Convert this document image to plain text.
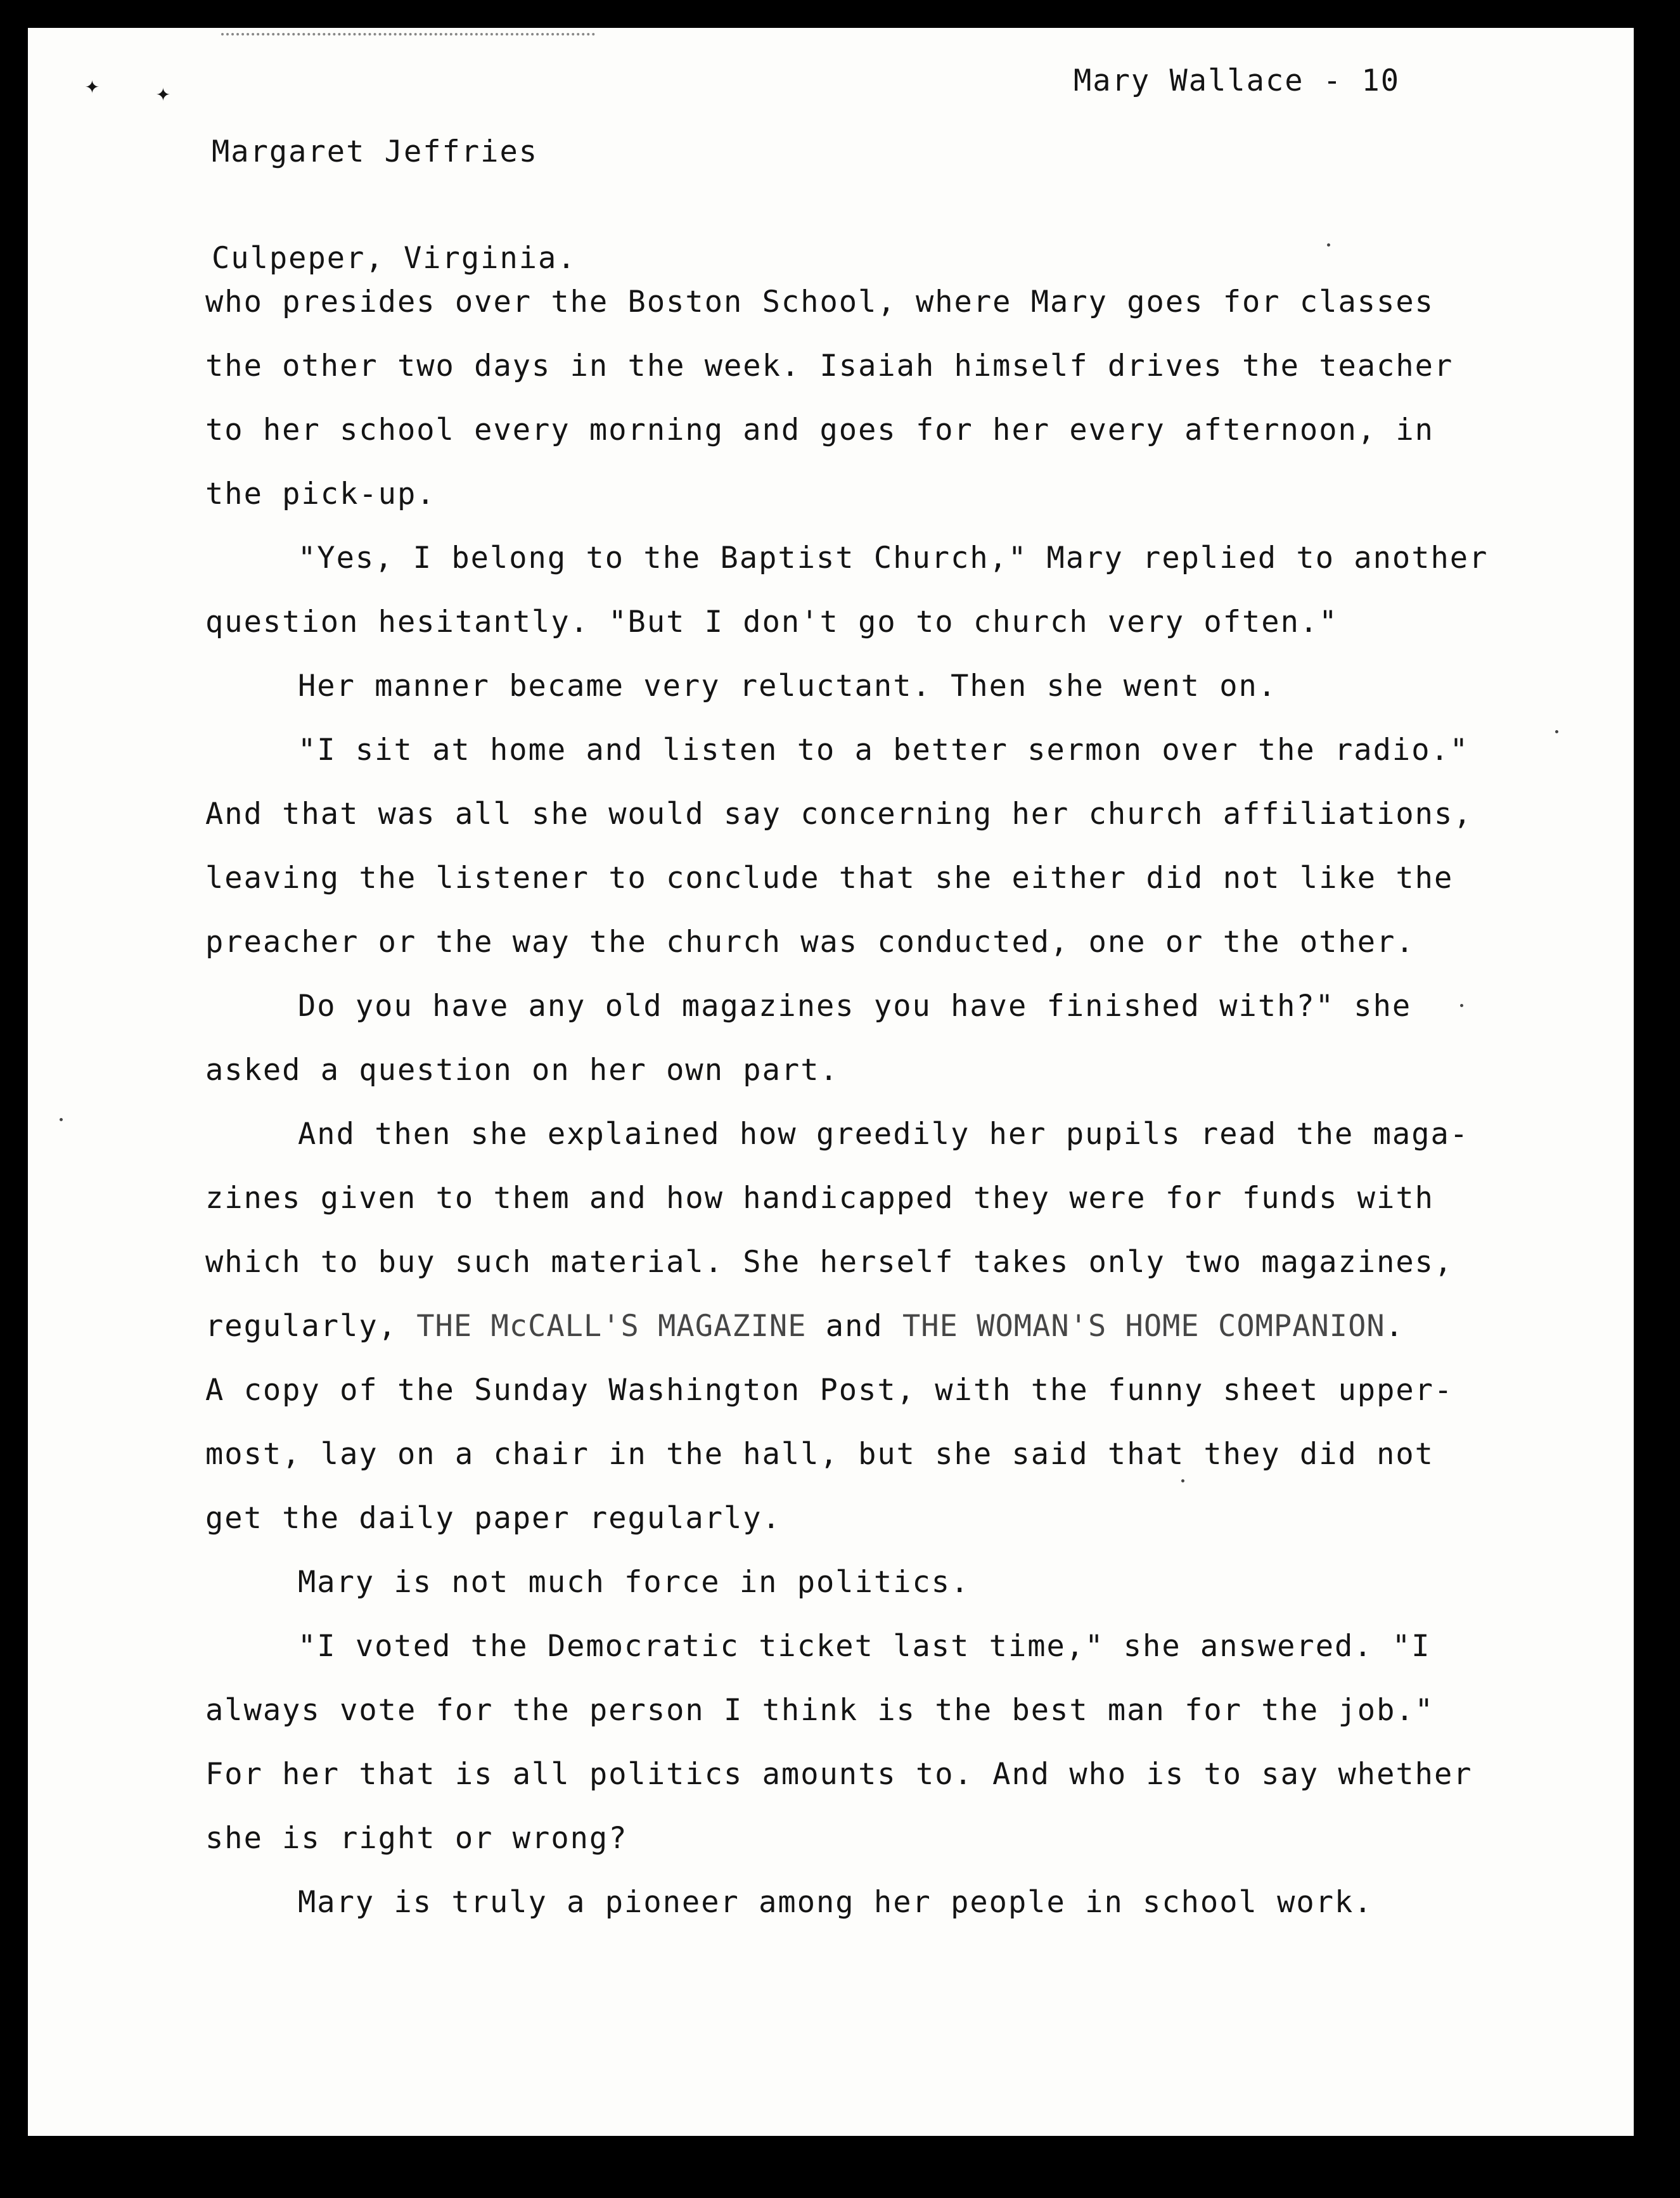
✦ ✦

Margaret Jeffries

Culpeper, Virginia.

Mary Wallace - 10

who presides over the Boston School, where Mary goes for classes

the other two days in the week. Isaiah himself drives the teacher

to her school every morning and goes for her every afternoon, in

the pick-up.

"Yes, I belong to the Baptist Church," Mary replied to another

question hesitantly. "But I don't go to church very often."

Her manner became very reluctant. Then she went on.

"I sit at home and listen to a better sermon over the radio."

And that was all she would say concerning her church affiliations,

leaving the listener to conclude that she either did not like the

preacher or the way the church was conducted, one or the other.

Do you have any old magazines you have finished with?" she

asked a question on her own part.

And then she explained how greedily her pupils read the maga-

zines given to them and how handicapped they were for funds with

which to buy such material. She herself takes only two magazines,

regularly, THE McCALL'S MAGAZINE and THE WOMAN'S HOME COMPANION.

A copy of the Sunday Washington Post, with the funny sheet upper-

most, lay on a chair in the hall, but she said that they did not

get the daily paper regularly.

Mary is not much force in politics.

"I voted the Democratic ticket last time," she answered. "I

always vote for the person I think is the best man for the job."

For her that is all politics amounts to. And who is to say whether

she is right or wrong?

Mary is truly a pioneer among her people in school work.
